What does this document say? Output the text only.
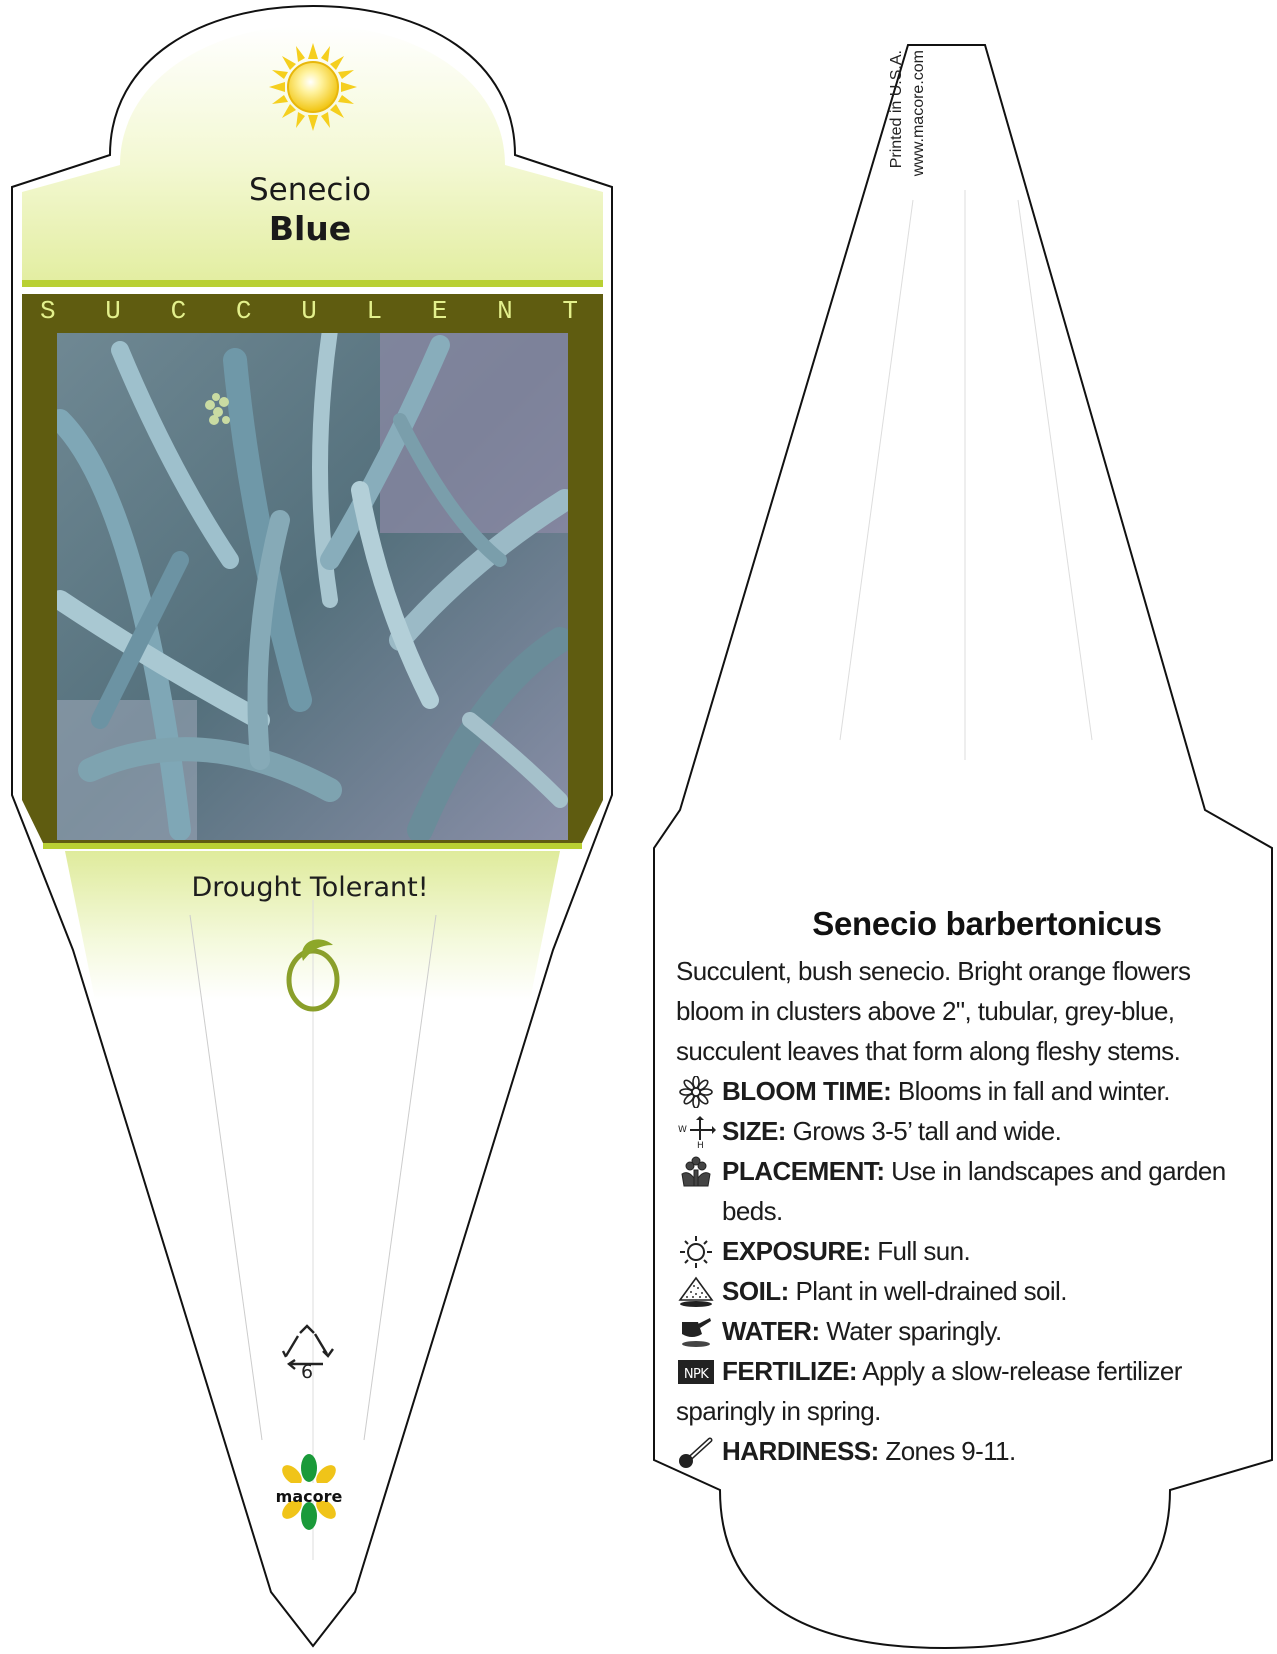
Senecio
Blue
S U C C U L E N T
Drought Tolerant!
6
macore
Printed in U.S.A. www.macore.com
Senecio barbertonicus

Succulent, bush senecio. Bright orange flowers bloom in clusters above 2", tubular, grey-blue, succulent leaves that form along fleshy stems.

BLOOM TIME: Blooms in fall and winter.
W
H SIZE: Grows 3-5’ tall and wide.
PLACEMENT: Use in landscapes and garden beds.
EXPOSURE: Full sun.
SOIL: Plant in well-drained soil.
WATER: Water sparingly.
NPK FERTILIZE: Apply a slow-release fertilizer sparingly in spring.
HARDINESS: Zones 9-11.
